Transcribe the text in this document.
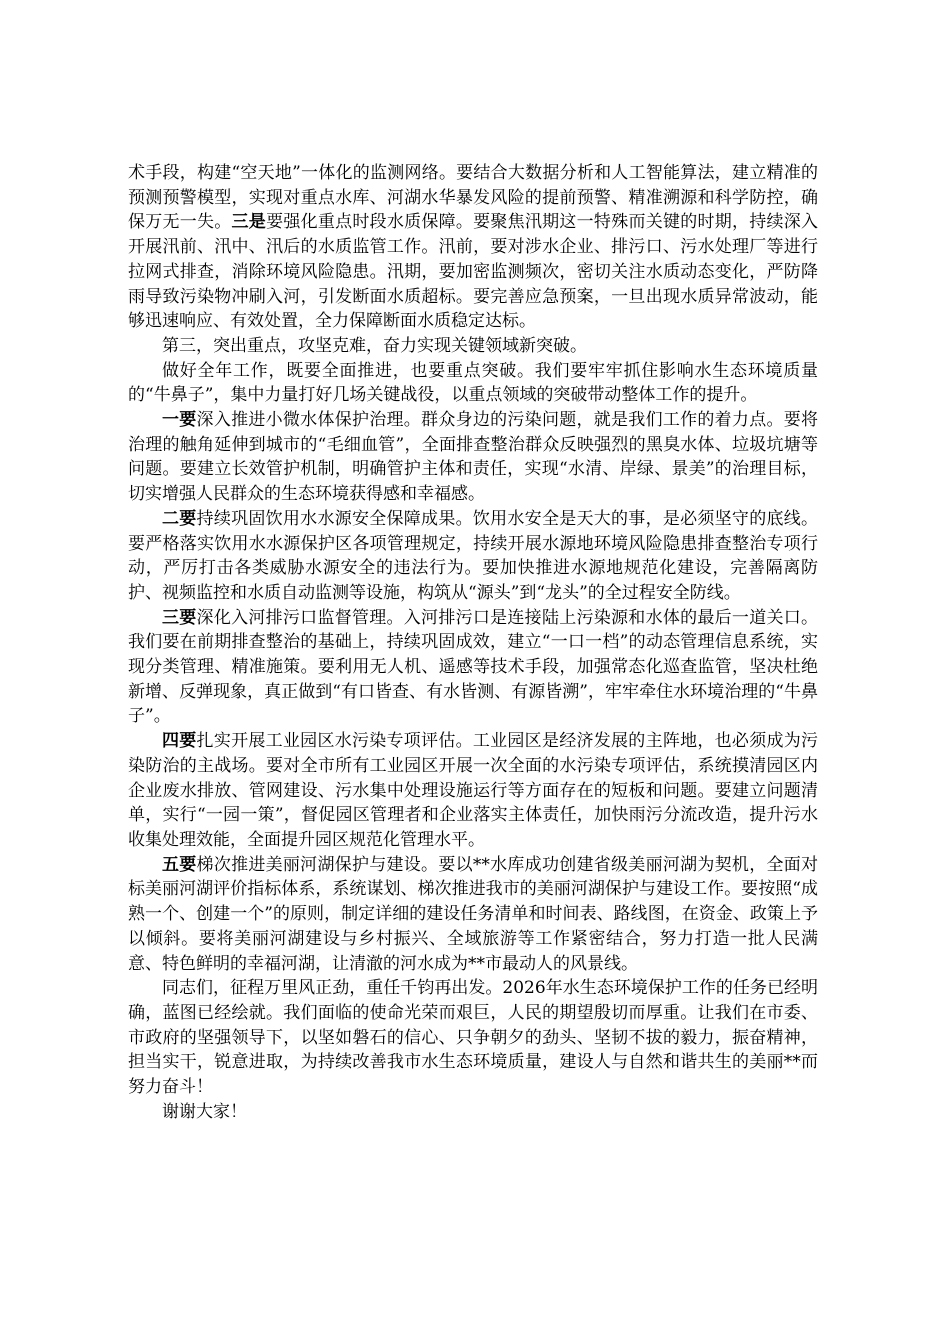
术手段，构建“空天地”一体化的监测网络。要结合大数据分析和人工智能算法，建立精准的预测预警模型，实现对重点水库、河湖水华暴发风险的提前预警、精准溯源和科学防控，确保万无一失。三是要强化重点时段水质保障。要聚焦汛期这一特殊而关键的时期，持续深入开展汛前、汛中、汛后的水质监管工作。汛前，要对涉水企业、排污口、污水处理厂等进行拉网式排查，消除环境风险隐患。汛期，要加密监测频次，密切关注水质动态变化，严防降雨导致污染物冲刷入河，引发断面水质超标。要完善应急预案，一旦出现水质异常波动，能够迅速响应、有效处置，全力保障断面水质稳定达标。

第三，突出重点，攻坚克难，奋力实现关键领域新突破。

做好全年工作，既要全面推进，也要重点突破。我们要牢牢抓住影响水生态环境质量的“牛鼻子”，集中力量打好几场关键战役，以重点领域的突破带动整体工作的提升。

一要深入推进小微水体保护治理。群众身边的污染问题，就是我们工作的着力点。要将治理的触角延伸到城市的“毛细血管”，全面排查整治群众反映强烈的黑臭水体、垃圾坑塘等问题。要建立长效管护机制，明确管护主体和责任，实现“水清、岸绿、景美”的治理目标，切实增强人民群众的生态环境获得感和幸福感。

二要持续巩固饮用水水源安全保障成果。饮用水安全是天大的事，是必须坚守的底线。要严格落实饮用水水源保护区各项管理规定，持续开展水源地环境风险隐患排查整治专项行动，严厉打击各类威胁水源安全的违法行为。要加快推进水源地规范化建设，完善隔离防护、视频监控和水质自动监测等设施，构筑从“源头”到“龙头”的全过程安全防线。

三要深化入河排污口监督管理。入河排污口是连接陆上污染源和水体的最后一道关口。我们要在前期排查整治的基础上，持续巩固成效，建立“一口一档”的动态管理信息系统，实现分类管理、精准施策。要利用无人机、遥感等技术手段，加强常态化巡查监管，坚决杜绝新增、反弹现象，真正做到“有口皆查、有水皆测、有源皆溯”，牢牢牵住水环境治理的“牛鼻子”。

四要扎实开展工业园区水污染专项评估。工业园区是经济发展的主阵地，也必须成为污染防治的主战场。要对全市所有工业园区开展一次全面的水污染专项评估，系统摸清园区内企业废水排放、管网建设、污水集中处理设施运行等方面存在的短板和问题。要建立问题清单，实行“一园一策”，督促园区管理者和企业落实主体责任，加快雨污分流改造，提升污水收集处理效能，全面提升园区规范化管理水平。

五要梯次推进美丽河湖保护与建设。要以**水库成功创建省级美丽河湖为契机，全面对标美丽河湖评价指标体系，系统谋划、梯次推进我市的美丽河湖保护与建设工作。要按照“成熟一个、创建一个”的原则，制定详细的建设任务清单和时间表、路线图，在资金、政策上予以倾斜。要将美丽河湖建设与乡村振兴、全域旅游等工作紧密结合，努力打造一批人民满意、特色鲜明的幸福河湖，让清澈的河水成为**市最动人的风景线。

同志们，征程万里风正劲，重任千钧再出发。2026年水生态环境保护工作的任务已经明确，蓝图已经绘就。我们面临的使命光荣而艰巨，人民的期望殷切而厚重。让我们在市委、市政府的坚强领导下，以坚如磐石的信心、只争朝夕的劲头、坚韧不拔的毅力，振奋精神，担当实干，锐意进取，为持续改善我市水生态环境质量，建设人与自然和谐共生的美丽**而努力奋斗！

谢谢大家！
